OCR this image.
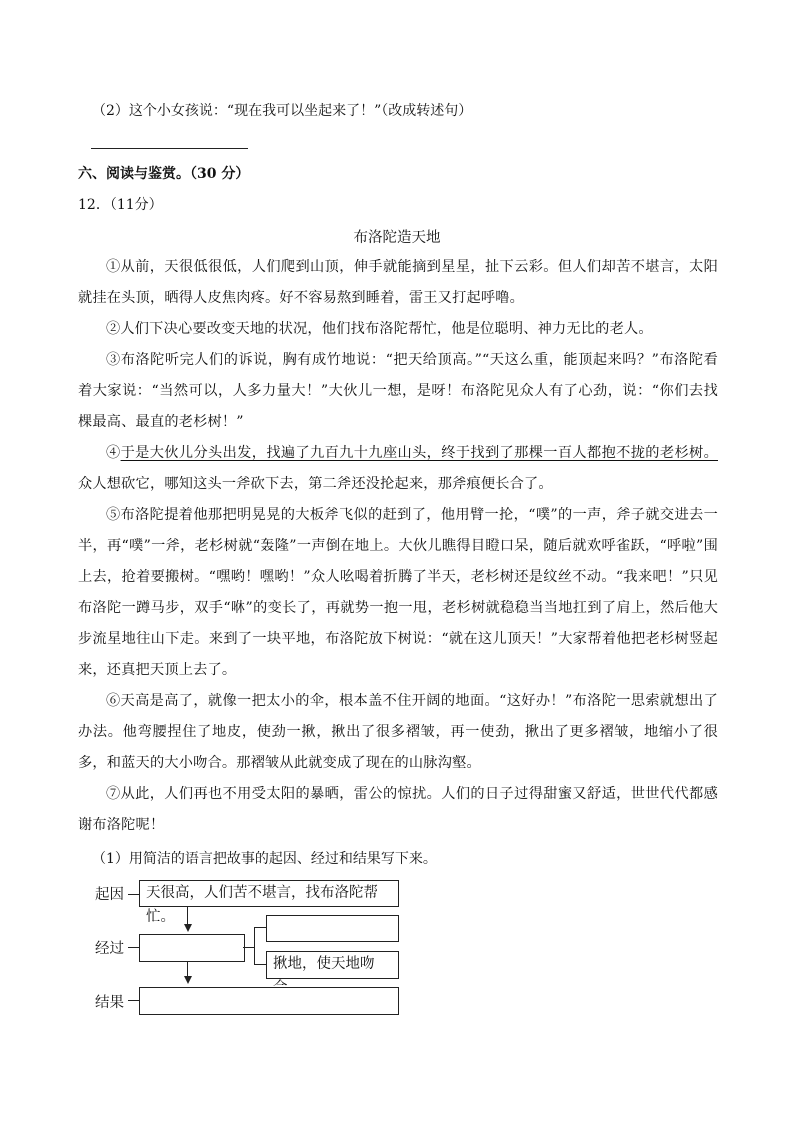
（2）这个小女孩说：“现在我可以坐起来了！”（改成转述句）
六、阅读与鉴赏。（30 分）
12．（11分）
布洛陀造天地
①从前，天很低很低，人们爬到山顶，伸手就能摘到星星，扯下云彩。但人们却苦不堪言，太阳就挂在头顶，晒得人皮焦肉疼。好不容易熬到睡着，雷王又打起呼噜。
②人们下决心要改变天地的状况，他们找布洛陀帮忙，他是位聪明、神力无比的老人。
③布洛陀听完人们的诉说，胸有成竹地说：“把天给顶高。”“天这么重，能顶起来吗？”布洛陀看着大家说：“当然可以，人多力量大！”大伙儿一想，是呀！布洛陀见众人有了心劲，说：“你们去找棵最高、最直的老杉树！”
④于是大伙儿分头出发，找遍了九百九十九座山头，终于找到了那棵一百人都抱不拢的老杉树。众人想砍它，哪知这头一斧砍下去，第二斧还没抡起来，那斧痕便长合了。
⑤布洛陀提着他那把明晃晃的大板斧飞似的赶到了，他用臂一抡，“噗”的一声，斧子就交进去一半，再“噗”一斧，老杉树就“轰隆”一声倒在地上。大伙儿瞧得目瞪口呆，随后就欢呼雀跃，“呼啦”围上去，抢着要搬树。“嘿哟！嘿哟！”众人吆喝着折腾了半天，老杉树还是纹丝不动。“我来吧！”只见布洛陀一蹲马步，双手“咻”的变长了，再就势一抱一甩，老杉树就稳稳当当地扛到了肩上，然后他大步流星地往山下走。来到了一块平地，布洛陀放下树说：“就在这儿顶天！”大家帮着他把老杉树竖起来，还真把天顶上去了。
⑥天高是高了，就像一把太小的伞，根本盖不住开阔的地面。“这好办！”布洛陀一思索就想出了办法。他弯腰捏住了地皮，使劲一揪，揪出了很多褶皱，再一使劲，揪出了更多褶皱，地缩小了很多，和蓝天的大小吻合。那褶皱从此就变成了现在的山脉沟壑。
⑦从此，人们再也不用受太阳的暴晒，雷公的惊扰。人们的日子过得甜蜜又舒适，世世代代都感谢布洛陀呢！
（1）用简洁的语言把故事的起因、经过和结果写下来。
起因	天很高，人们苦不堪言，找布洛陀帮忙。
经过
揪地，使天地吻
结果
